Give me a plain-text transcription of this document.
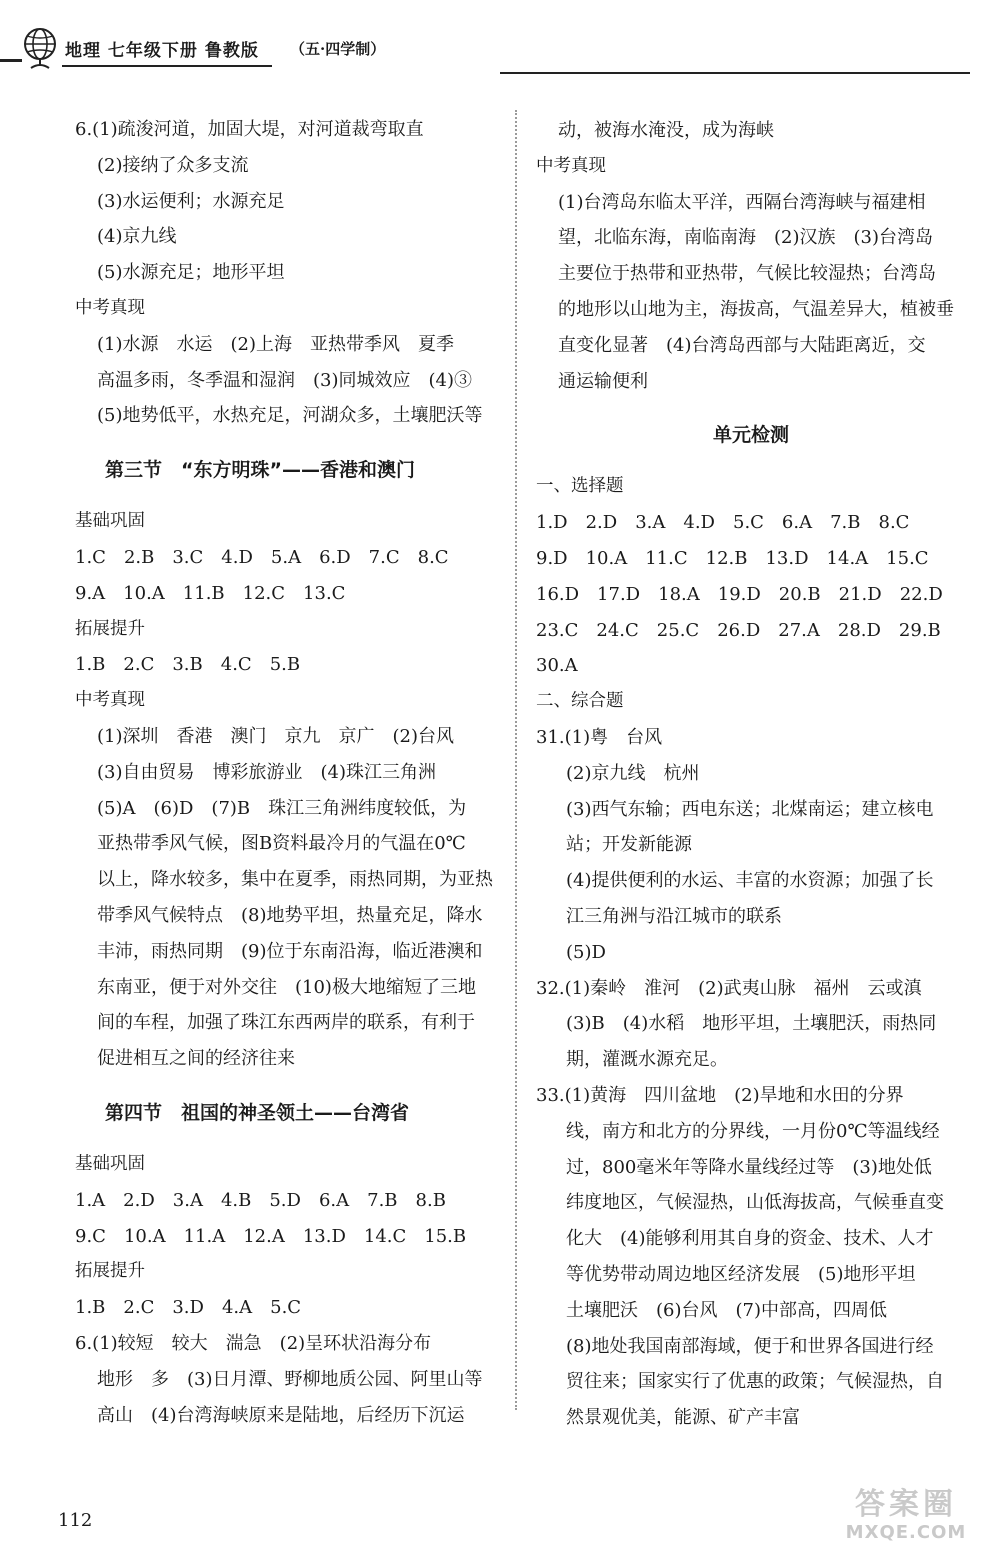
地理 七年级下册 鲁教版 （五·四学制）
6.(1)疏浚河道，加固大堤，对河道裁弯取直
(2)接纳了众多支流
(3)水运便利；水源充足
(4)京九线
(5)水源充足；地形平坦
中考真现
(1)水源　水运　(2)上海　亚热带季风　夏季
高温多雨，冬季温和湿润　(3)同城效应　(4)③
(5)地势低平，水热充足，河湖众多，土壤肥沃等
第三节　“东方明珠”——香港和澳门
基础巩固
1.C　2.B　3.C　4.D　5.A　6.D　7.C　8.C
9.A　10.A　11.B　12.C　13.C
拓展提升
1.B　2.C　3.B　4.C　5.B
中考真现
(1)深圳　香港　澳门　京九　京广　(2)台风
(3)自由贸易　博彩旅游业　(4)珠江三角洲
(5)A　(6)D　(7)B　珠江三角洲纬度较低，为
亚热带季风气候，图B资料最冷月的气温在0℃
以上，降水较多，集中在夏季，雨热同期，为亚热
带季风气候特点　(8)地势平坦，热量充足，降水
丰沛，雨热同期　(9)位于东南沿海，临近港澳和
东南亚，便于对外交往　(10)极大地缩短了三地
间的车程，加强了珠江东西两岸的联系，有利于
促进相互之间的经济往来
第四节　祖国的神圣领土——台湾省
基础巩固
1.A　2.D　3.A　4.B　5.D　6.A　7.B　8.B
9.C　10.A　11.A　12.A　13.D　14.C　15.B
拓展提升
1.B　2.C　3.D　4.A　5.C
6.(1)较短　较大　湍急　(2)呈环状沿海分布
地形　多　(3)日月潭、野柳地质公园、阿里山等
高山　(4)台湾海峡原来是陆地，后经历下沉运
动，被海水淹没，成为海峡
中考真现
(1)台湾岛东临太平洋，西隔台湾海峡与福建相
望，北临东海，南临南海　(2)汉族　(3)台湾岛
主要位于热带和亚热带，气候比较湿热；台湾岛
的地形以山地为主，海拔高，气温差异大，植被垂
直变化显著　(4)台湾岛西部与大陆距离近，交
通运输便利
单元检测
一、选择题
1.D　2.D　3.A　4.D　5.C　6.A　7.B　8.C
9.D　10.A　11.C　12.B　13.D　14.A　15.C
16.D　17.D　18.A　19.D　20.B　21.D　22.D
23.C　24.C　25.C　26.D　27.A　28.D　29.B
30.A
二、综合题
31.(1)粤　台风
(2)京九线　杭州
(3)西气东输；西电东送；北煤南运；建立核电
站；开发新能源
(4)提供便利的水运、丰富的水资源；加强了长
江三角洲与沿江城市的联系
(5)D
32.(1)秦岭　淮河　(2)武夷山脉　福州　云或滇
(3)B　(4)水稻　地形平坦，土壤肥沃，雨热同
期，灌溉水源充足。
33.(1)黄海　四川盆地　(2)旱地和水田的分界
线，南方和北方的分界线，一月份0℃等温线经
过，800毫米年等降水量线经过等　(3)地处低
纬度地区，气候湿热，山低海拔高，气候垂直变
化大　(4)能够利用其自身的资金、技术、人才
等优势带动周边地区经济发展　(5)地形平坦
土壤肥沃　(6)台风　(7)中部高，四周低
(8)地处我国南部海域，便于和世界各国进行经
贸往来；国家实行了优惠的政策；气候湿热，自
然景观优美，能源、矿产丰富
112	答案圈
MXQE.COM
